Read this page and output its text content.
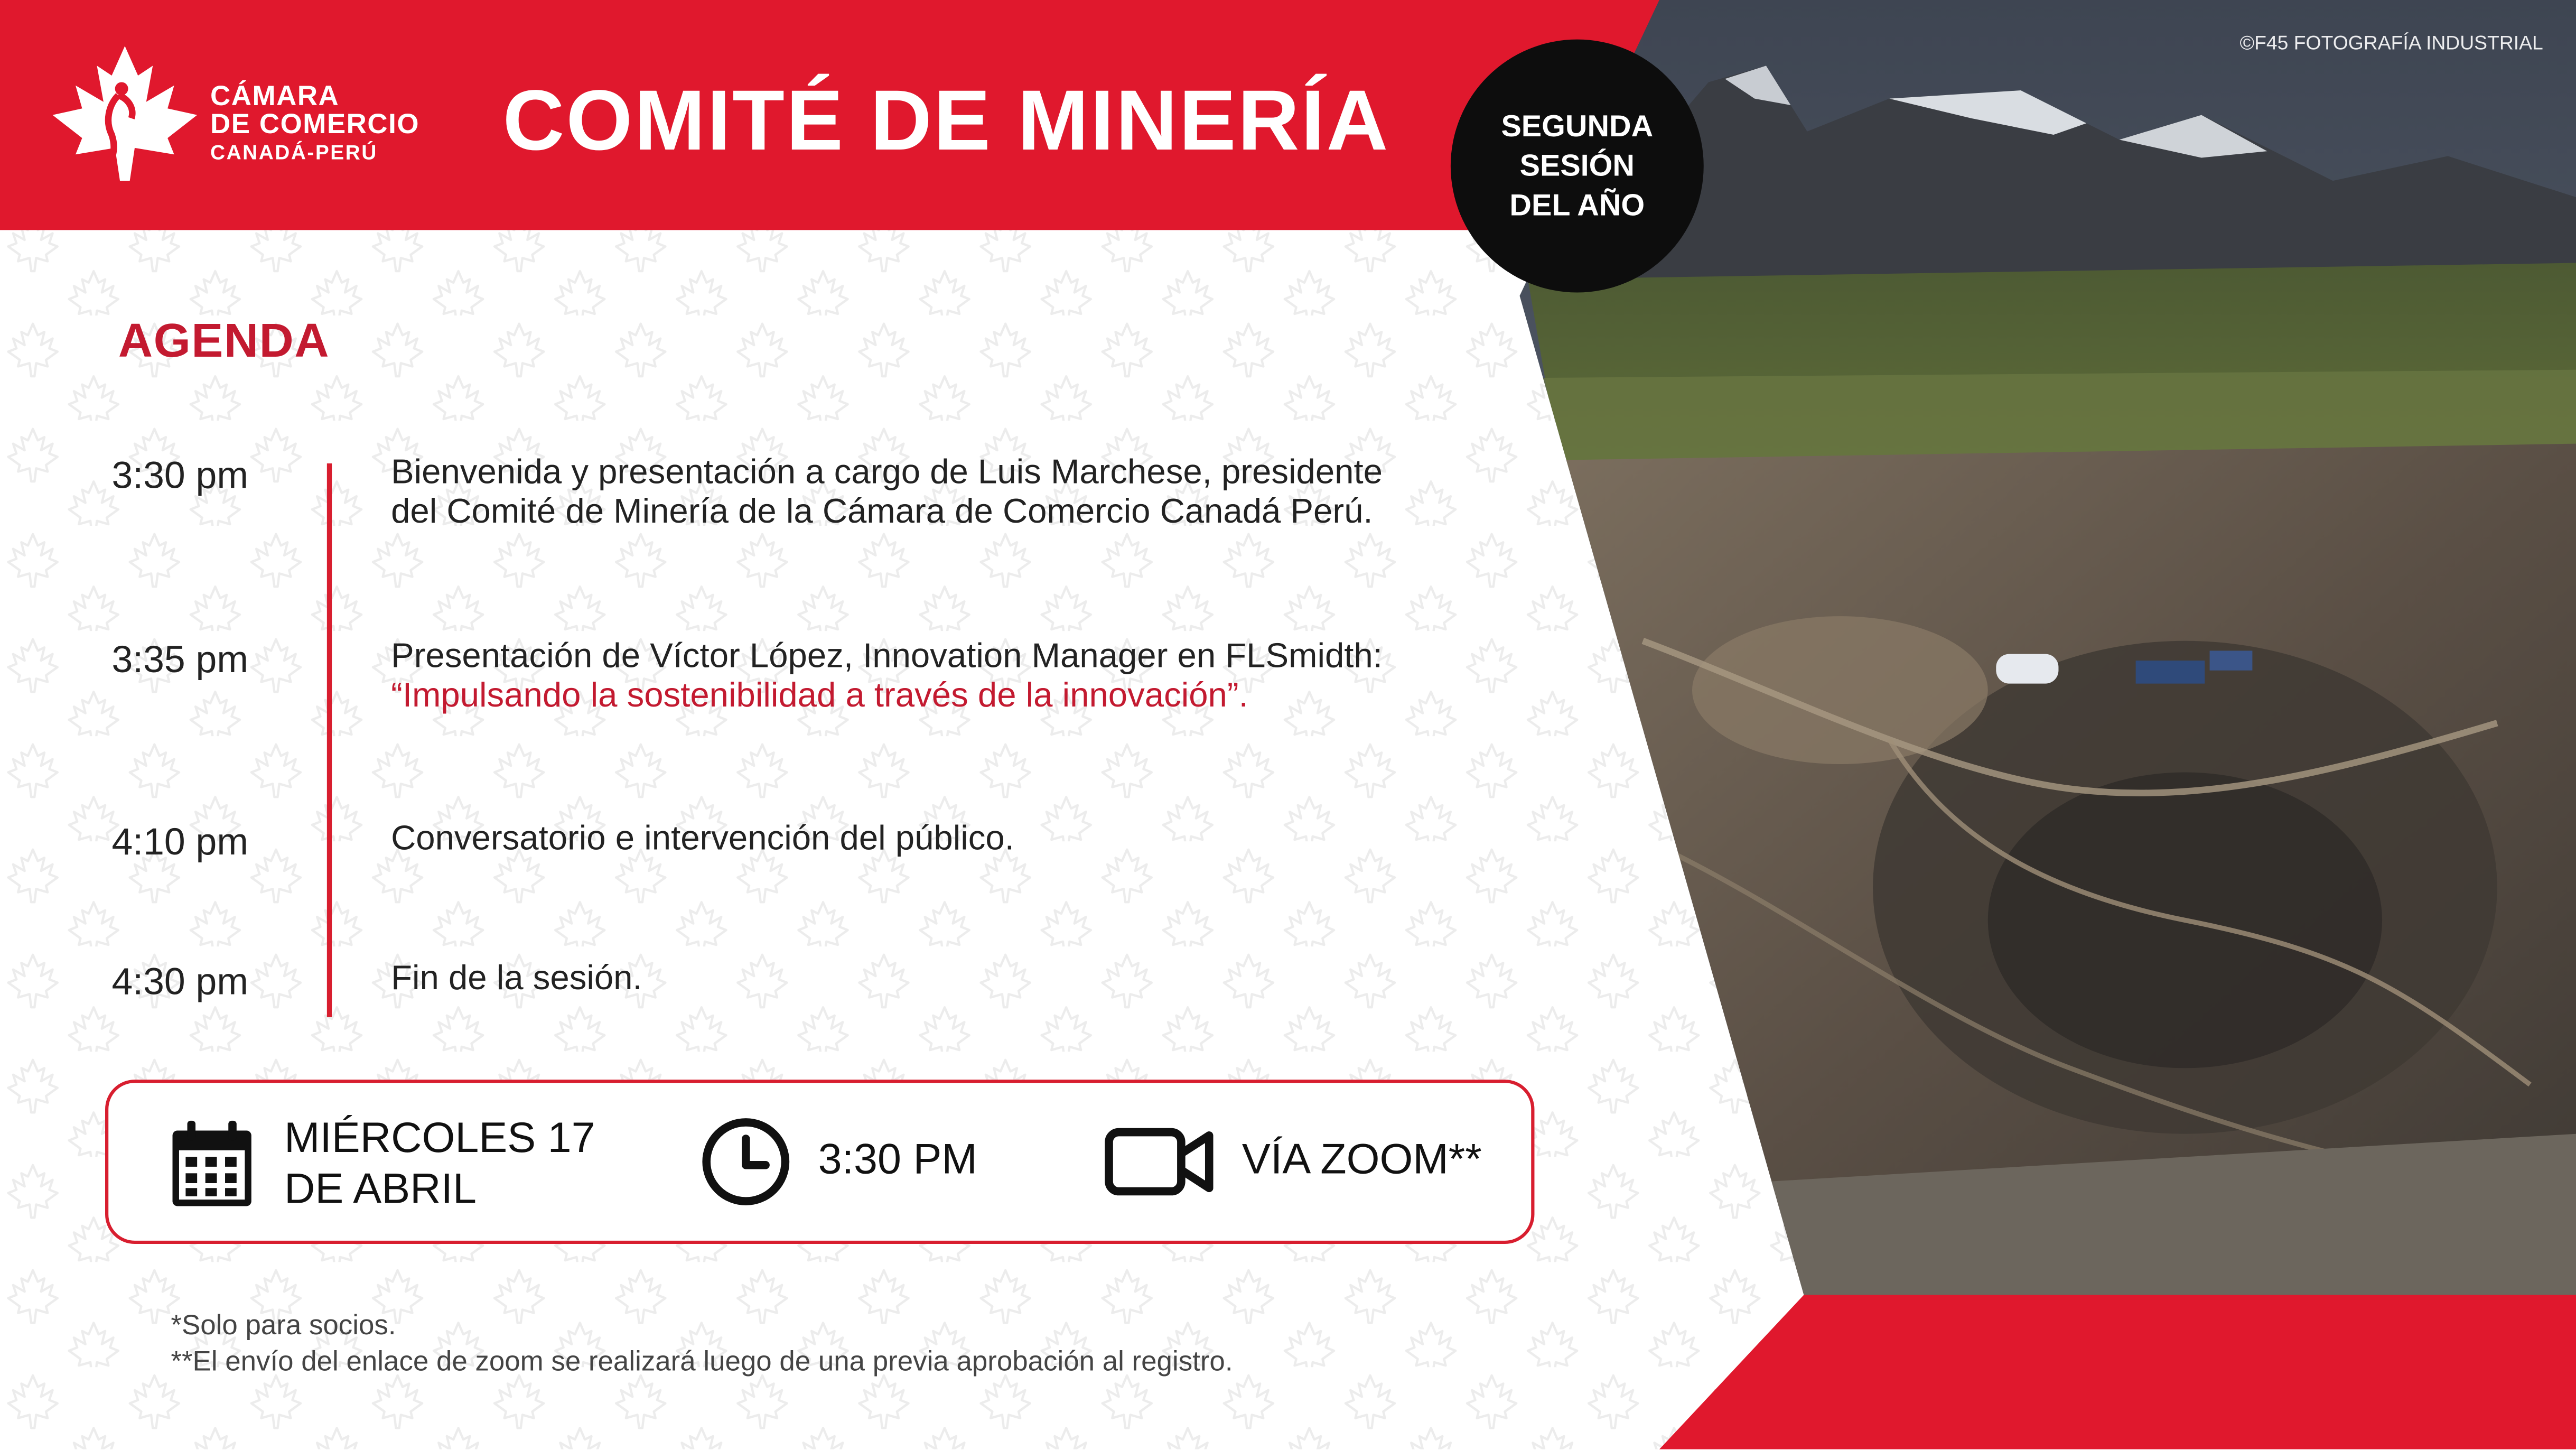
©F45 FOTOGRAFÍA INDUSTRIAL
CÁMARA
DE COMERCIO
CANADÁ-PERÚ	COMITÉ DE MINERÍA	SEGUNDA
SESIÓN
DEL AÑO
AGENDA
3:30 pm	Bienvenida y presentación a cargo de Luis Marchese, presidente
del Comité de Minería de la Cámara de Comercio Canadá Perú.
3:35 pm	Presentación de Víctor López, Innovation Manager en FLSmidth:
“Impulsando la sostenibilidad a través de la innovación”.
4:10 pm	Conversatorio e intervención del público.
4:30 pm	Fin de la sesión.
MIÉRCOLES 17
DE ABRIL
3:30 PM	VÍA ZOOM**
*Solo para socios.
**El envío del enlace de zoom se realizará luego de una previa aprobación al registro.
